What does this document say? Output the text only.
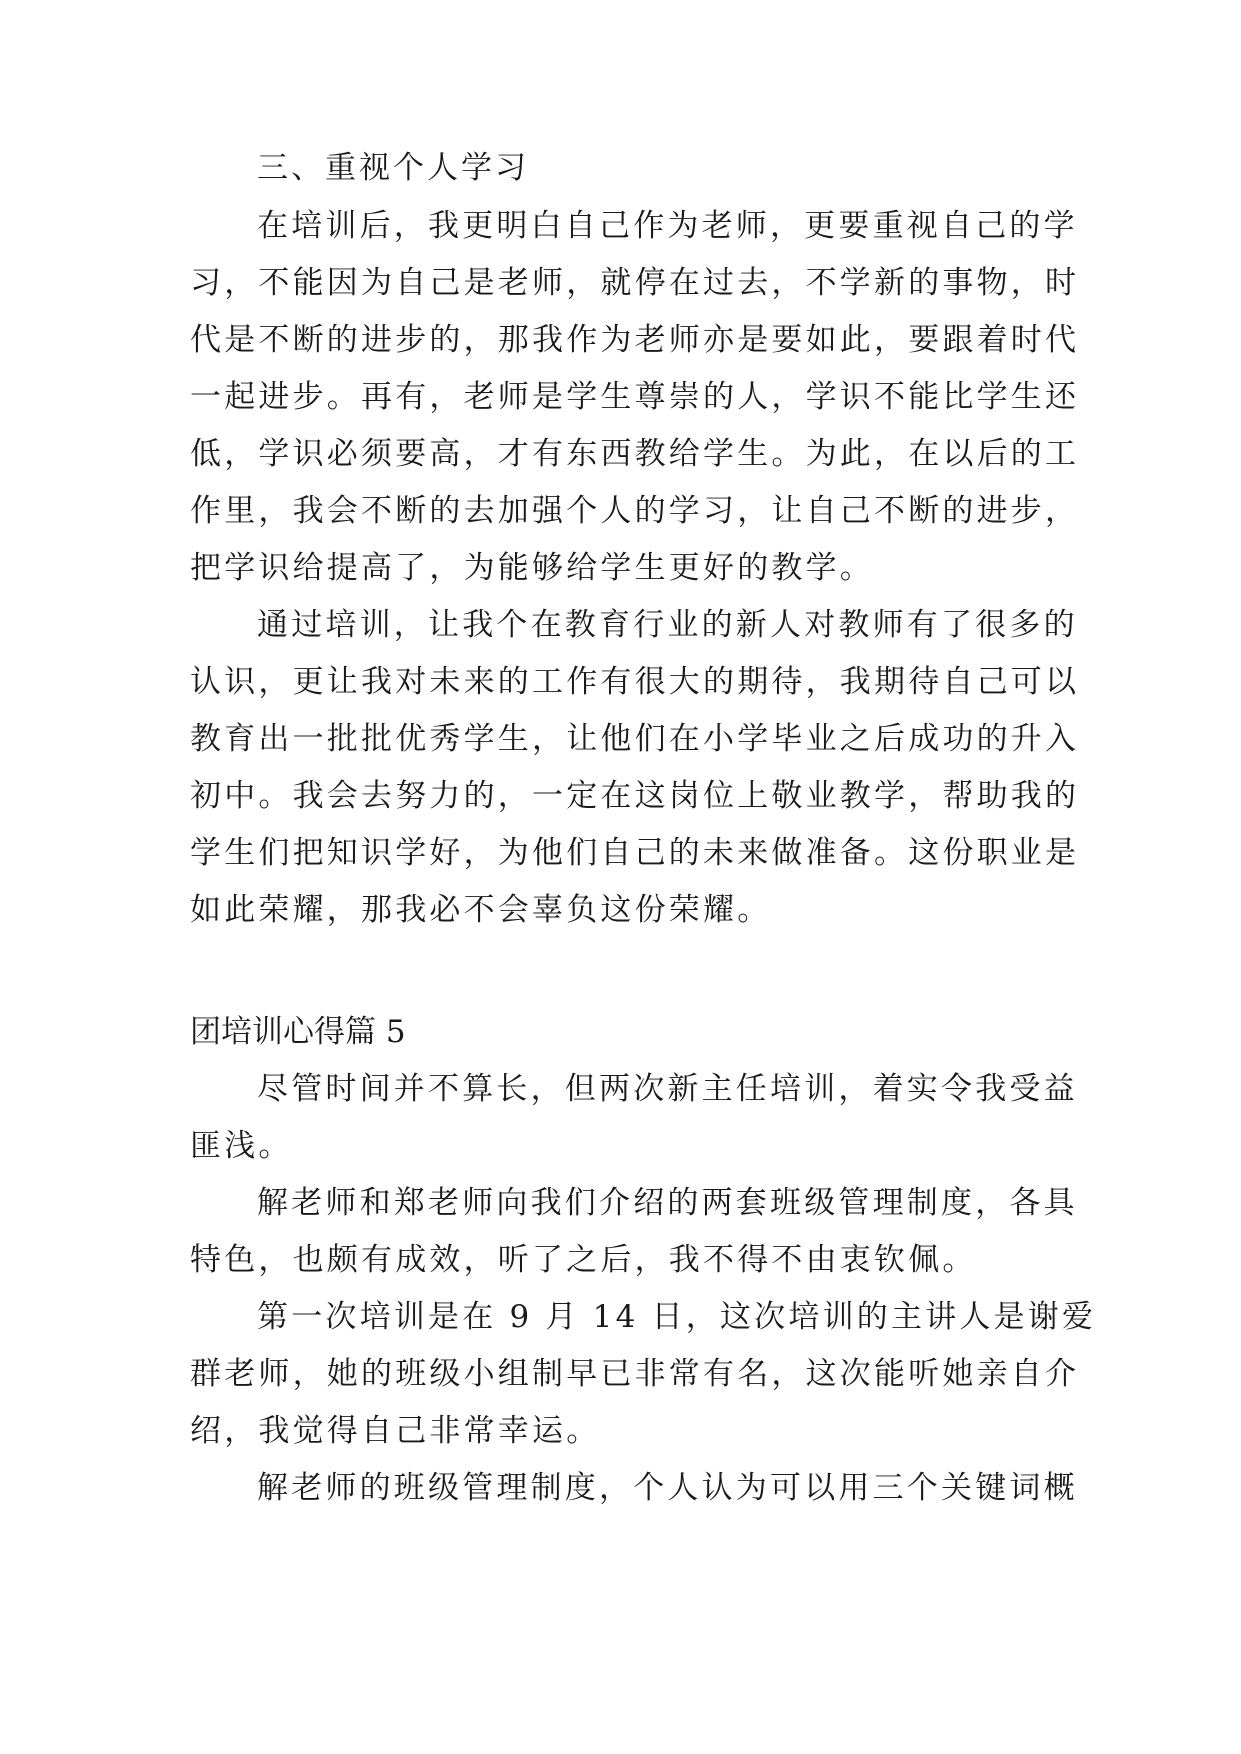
三、重视个人学习
在培训后，我更明白自己作为老师，更要重视自己的学
习，不能因为自己是老师，就停在过去，不学新的事物，时
代是不断的进步的，那我作为老师亦是要如此，要跟着时代
一起进步。再有，老师是学生尊崇的人，学识不能比学生还
低，学识必须要高，才有东西教给学生。为此，在以后的工
作里，我会不断的去加强个人的学习，让自己不断的进步，
把学识给提高了，为能够给学生更好的教学。
通过培训，让我个在教育行业的新人对教师有了很多的
认识，更让我对未来的工作有很大的期待，我期待自己可以
教育出一批批优秀学生，让他们在小学毕业之后成功的升入
初中。我会去努力的，一定在这岗位上敬业教学，帮助我的
学生们把知识学好，为他们自己的未来做准备。这份职业是
如此荣耀，那我必不会辜负这份荣耀。
团培训心得篇 5
尽管时间并不算长，但两次新主任培训，着实令我受益
匪浅。
解老师和郑老师向我们介绍的两套班级管理制度，各具
特色，也颇有成效，听了之后，我不得不由衷钦佩。
第一次培训是在 9 月 14 日，这次培训的主讲人是谢爱
群老师，她的班级小组制早已非常有名，这次能听她亲自介
绍，我觉得自己非常幸运。
解老师的班级管理制度，个人认为可以用三个关键词概
